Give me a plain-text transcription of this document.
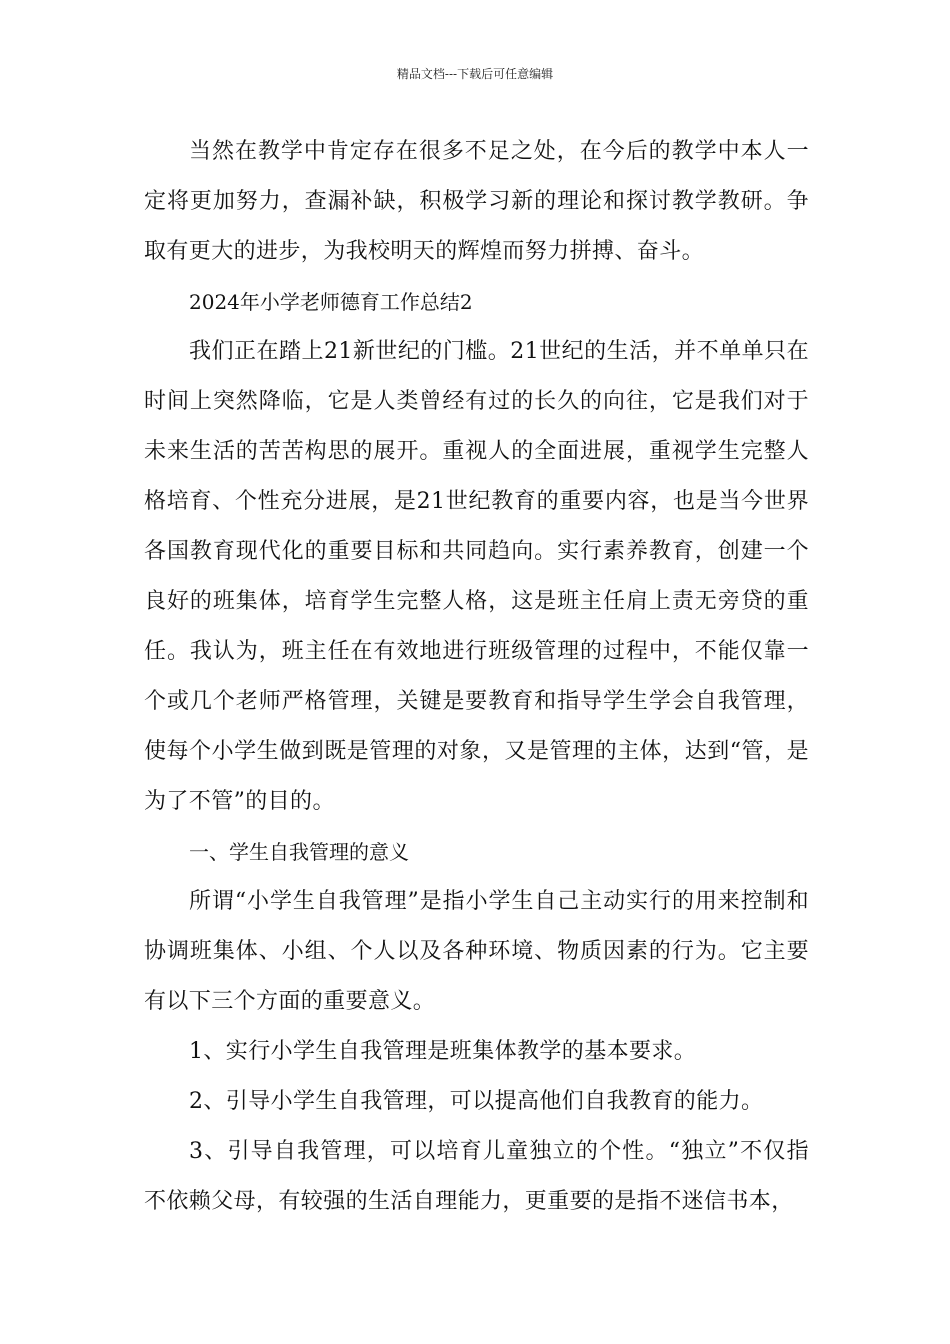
精品文档---下载后可任意编辑

当然在教学中肯定存在很多不足之处，在今后的教学中本人一定将更加努力，查漏补缺，积极学习新的理论和探讨教学教研。争取有更大的进步，为我校明天的辉煌而努力拼搏、奋斗。

2024年小学老师德育工作总结2

我们正在踏上21新世纪的门槛。21世纪的生活，并不单单只在时间上突然降临，它是人类曾经有过的长久的向往，它是我们对于未来生活的苦苦构思的展开。重视人的全面进展，重视学生完整人格培育、个性充分进展，是21世纪教育的重要内容，也是当今世界各国教育现代化的重要目标和共同趋向。实行素养教育，创建一个良好的班集体，培育学生完整人格，这是班主任肩上责无旁贷的重任。我认为，班主任在有效地进行班级管理的过程中，不能仅靠一个或几个老师严格管理，关键是要教育和指导学生学会自我管理，使每个小学生做到既是管理的对象，又是管理的主体，达到“管，是为了不管”的目的。

一、学生自我管理的意义

所谓“小学生自我管理”是指小学生自己主动实行的用来控制和协调班集体、小组、个人以及各种环境、物质因素的行为。它主要有以下三个方面的重要意义。

1、实行小学生自我管理是班集体教学的基本要求。

2、引导小学生自我管理，可以提高他们自我教育的能力。

3、引导自我管理，可以培育儿童独立的个性。“独立”不仅指不依赖父母，有较强的生活自理能力，更重要的是指不迷信书本，
